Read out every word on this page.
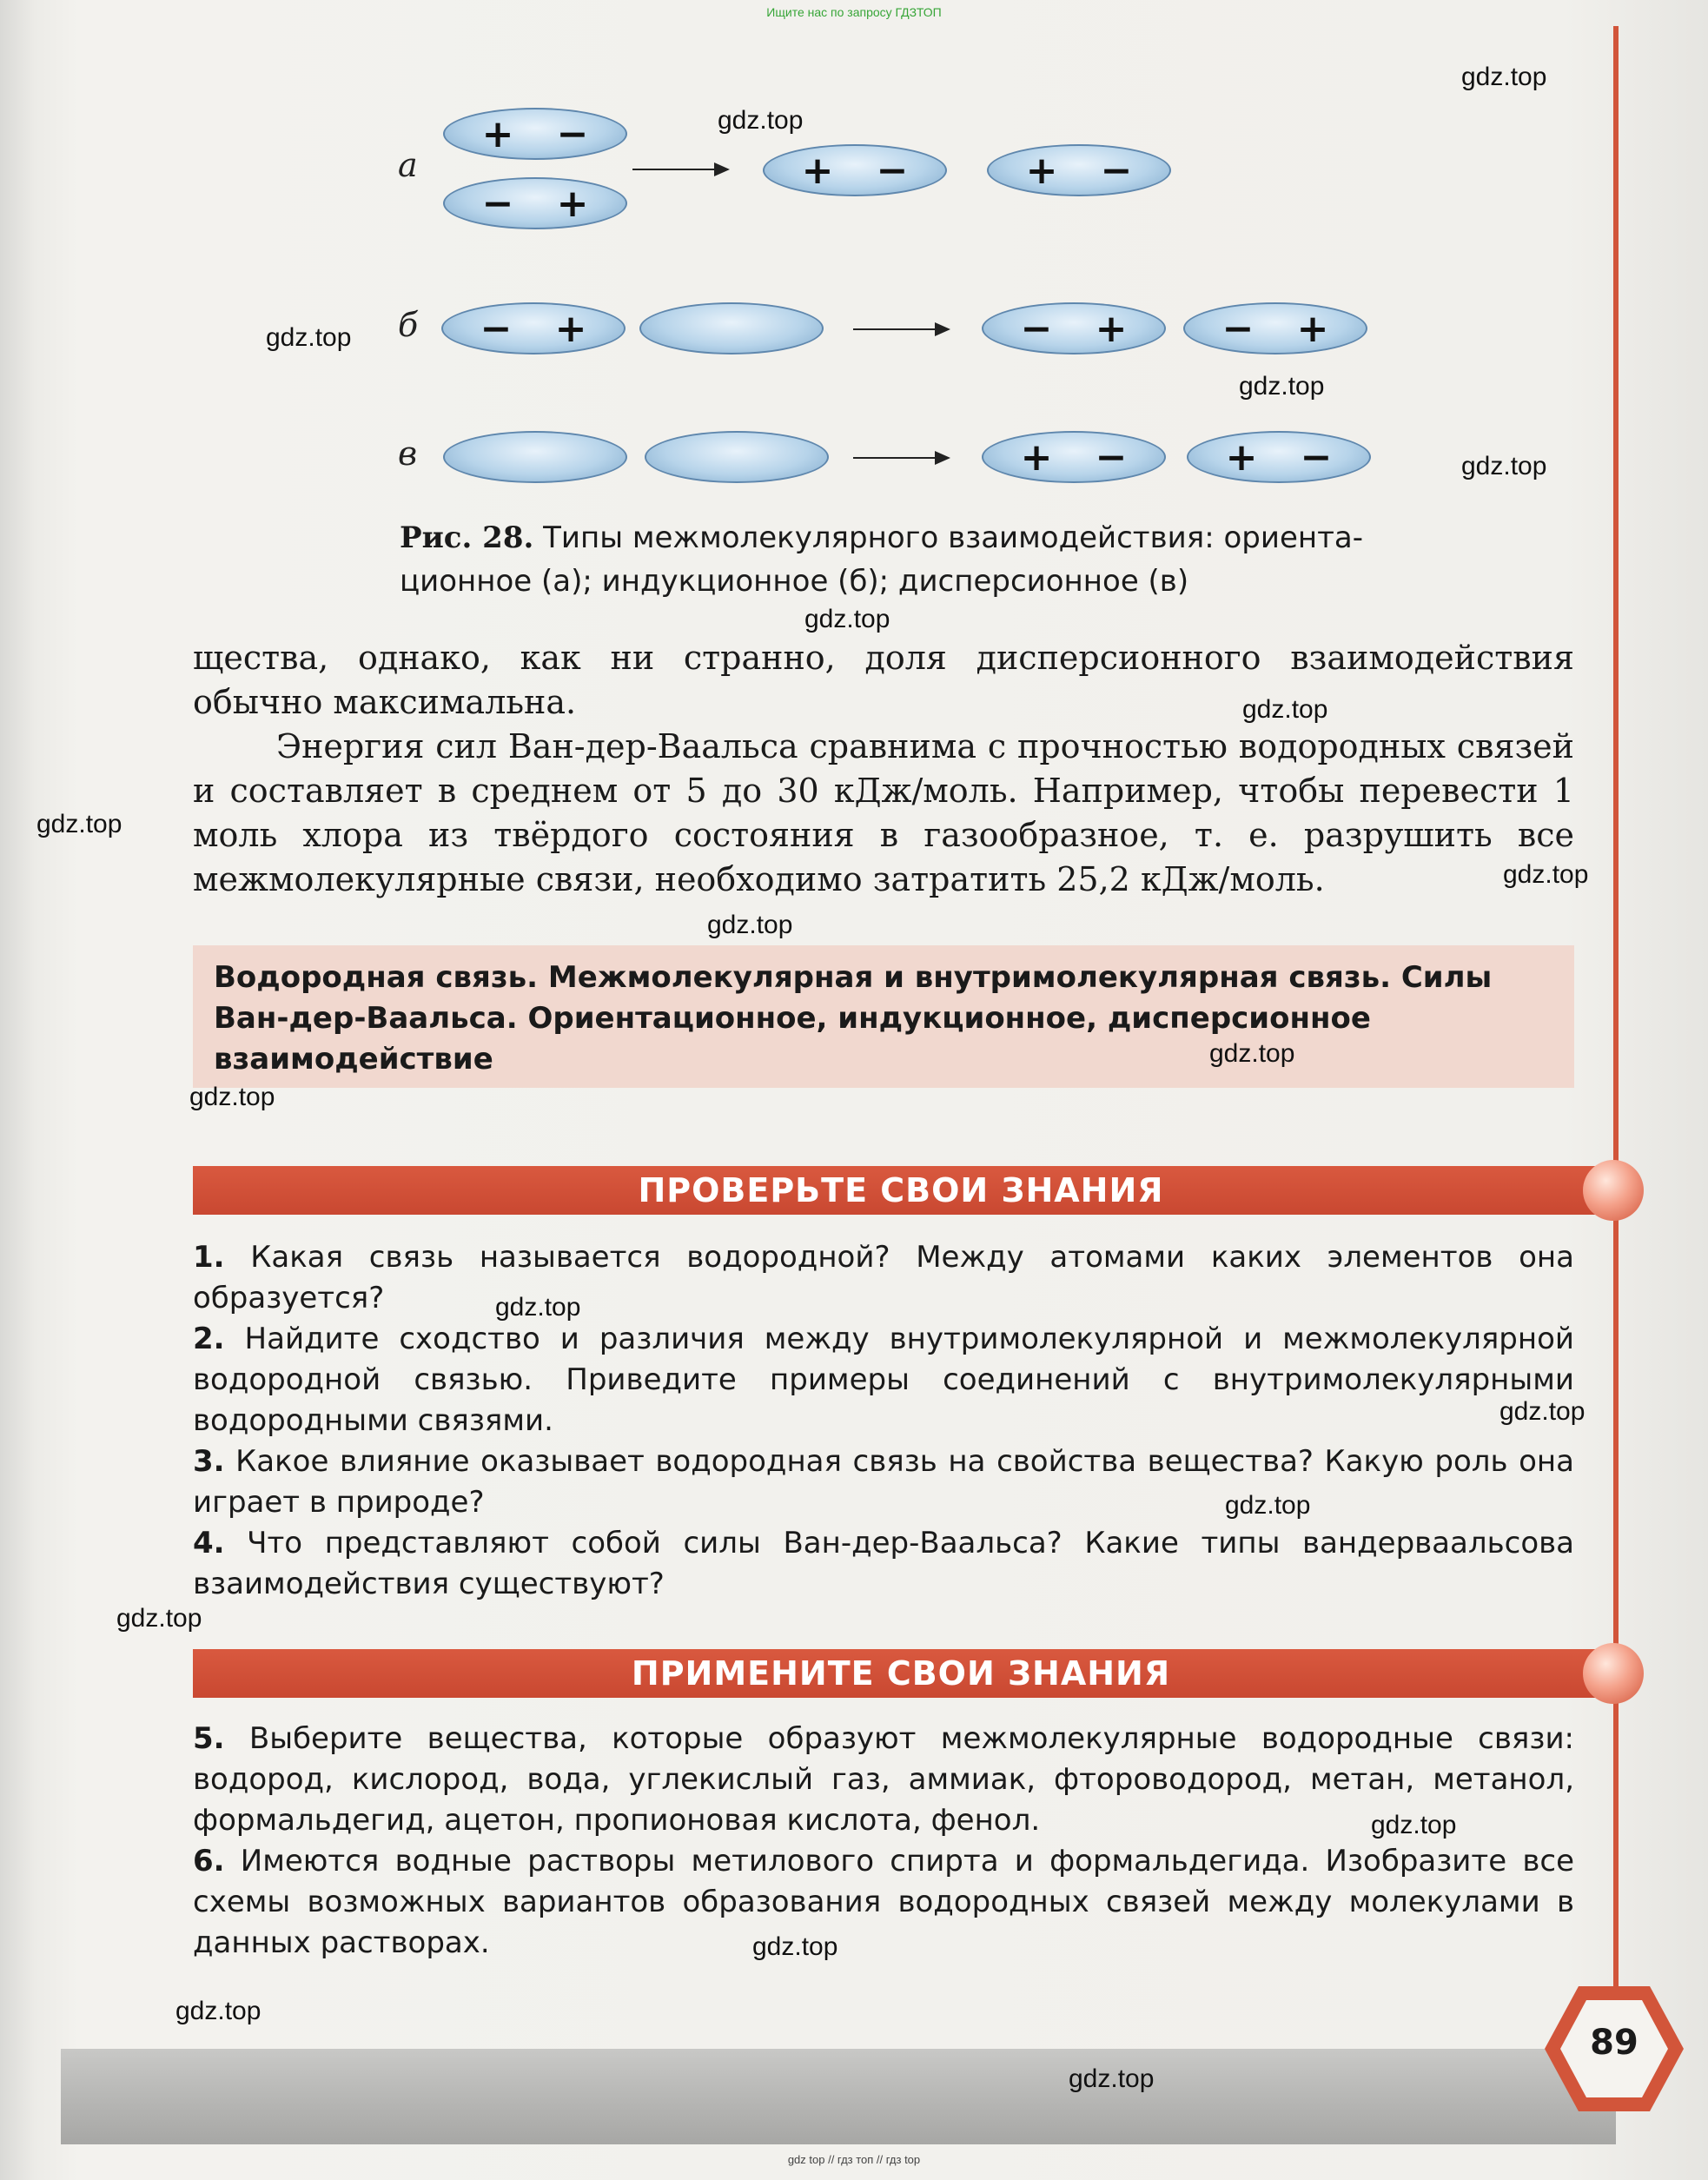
Ищите нас по запросу ГДЗТОП
а
+ −
− +
+ −	+ −
б − +	− + − +
в	+ −	+ −
Рис. 28. Типы межмолекулярного взаимодействия: ориента-ционное (а); индукционное (б); дисперсионное (в)
щества, однако, как ни странно, доля дисперсионного взаимодействия обычно максимальна.
Энергия сил Ван-дер-Ваальса сравнима с прочностью водородных связей и составляет в среднем от 5 до 30 кДж/моль. Например, чтобы перевести 1 моль хлора из твёрдого состояния в газообразное, т. е. разрушить все межмолекулярные связи, необходимо затратить 25,2 кДж/моль.
Водородная связь. Межмолекулярная и внутримолекулярная связь. Силы Ван-дер-Ваальса. Ориентационное, индукционное, дисперсионное взаимодействие
ПРОВЕРЬТЕ СВОИ ЗНАНИЯ
1. Какая связь называется водородной? Между атомами каких элементов она образуется?
2. Найдите сходство и различия между внутримолекулярной и межмолекулярной водородной связью. Приведите примеры соединений с внутримолекулярными водородными связями.
3. Какое влияние оказывает водородная связь на свойства вещества? Какую роль она играет в природе?
4. Что представляют собой силы Ван-дер-Ваальса? Какие типы вандерваальсова взаимодействия существуют?
ПРИМЕНИТЕ СВОИ ЗНАНИЯ
5. Выберите вещества, которые образуют межмолекулярные водородные связи: водород, кислород, вода, углекислый газ, аммиак, фтороводород, метан, метанол, формальдегид, ацетон, пропионовая кислота, фенол.
6. Имеются водные растворы метилового спирта и формальдегида. Изобразите все схемы возможных вариантов образования водородных связей между молекулами в данных растворах.
89
gdz.top
gdz.top
gdz.top
gdz.top
gdz.top
gdz.top
gdz.top
gdz.top
gdz.top
gdz.top
gdz.top
gdz.top
gdz.top
gdz.top
gdz.top
gdz.top
gdz.top
gdz.top
gdz.top
gdz.top
gdz top // гдз топ // гдз top
